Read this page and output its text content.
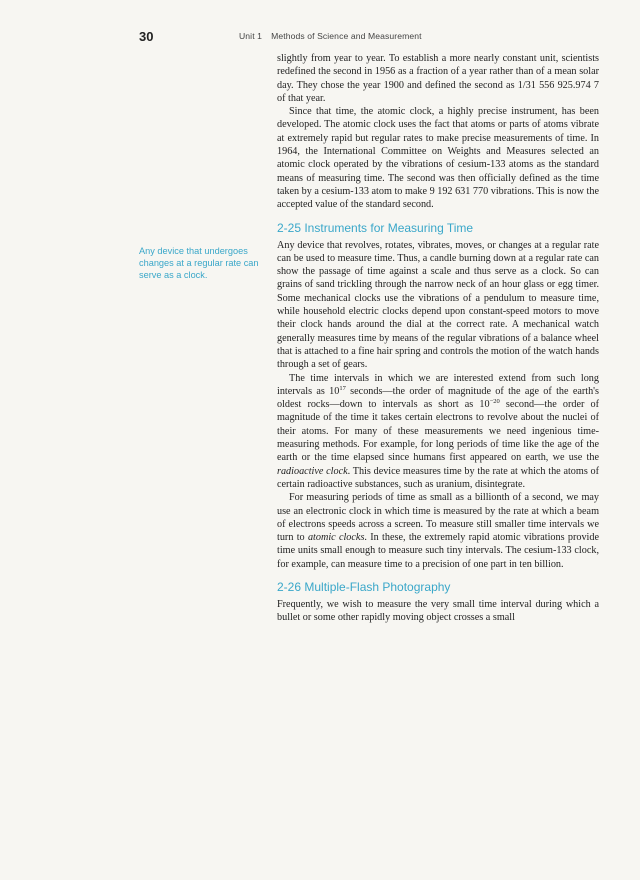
30	Unit 1 Methods of Science and Measurement
Any device that undergoes changes at a regular rate can serve as a clock.

slightly from year to year. To establish a more nearly constant unit, scientists redefined the second in 1956 as a fraction of a year rather than of a mean solar day. They chose the year 1900 and defined the second as 1/31 556 925.974 7 of that year.

Since that time, the atomic clock, a highly precise instrument, has been developed. The atomic clock uses the fact that atoms or parts of atoms vibrate at extremely rapid but regular rates to make precise measurements of time. In 1964, the International Committee on Weights and Measures selected an atomic clock operated by the vibrations of cesium-133 atoms as the standard means of measuring time. The second was then officially defined as the time taken by a cesium-133 atom to make 9 192 631 770 vibrations. This is now the accepted value of the standard second.

2-25 Instruments for Measuring Time

Any device that revolves, rotates, vibrates, moves, or changes at a regular rate can be used to measure time. Thus, a candle burning down at a regular rate can show the passage of time against a scale and thus serve as a clock. So can grains of sand trickling through the narrow neck of an hour glass or egg timer. Some mechanical clocks use the vibrations of a pendulum to measure time, while household electric clocks depend upon constant-speed motors to move their clock hands around the dial at the correct rate. A mechanical watch generally measures time by means of the regular vibrations of a balance wheel that is attached to a fine hair spring and controls the motion of the watch hands through a set of gears.

The time intervals in which we are interested extend from such long intervals as $10^{17}$ seconds—the order of magnitude of the age of the earth's oldest rocks—down to intervals as short as $10^{-20}$ second—the order of magnitude of the time it takes certain electrons to revolve about the nuclei of their atoms. For many of these measurements we need ingenious time-measuring methods. For example, for long periods of time like the age of the earth or the time elapsed since humans first appeared on earth, we use the radioactive clock. This device measures time by the rate at which the atoms of certain radioactive substances, such as uranium, disintegrate.

For measuring periods of time as small as a billionth of a second, we may use an electronic clock in which time is measured by the rate at which a beam of electrons speeds across a screen. To measure still smaller time intervals we turn to atomic clocks. In these, the extremely rapid atomic vibrations provide time units small enough to measure such tiny intervals. The cesium-133 clock, for example, can measure time to a precision of one part in ten billion.

2-26 Multiple-Flash Photography

Frequently, we wish to measure the very small time interval during which a bullet or some other rapidly moving object crosses a small
